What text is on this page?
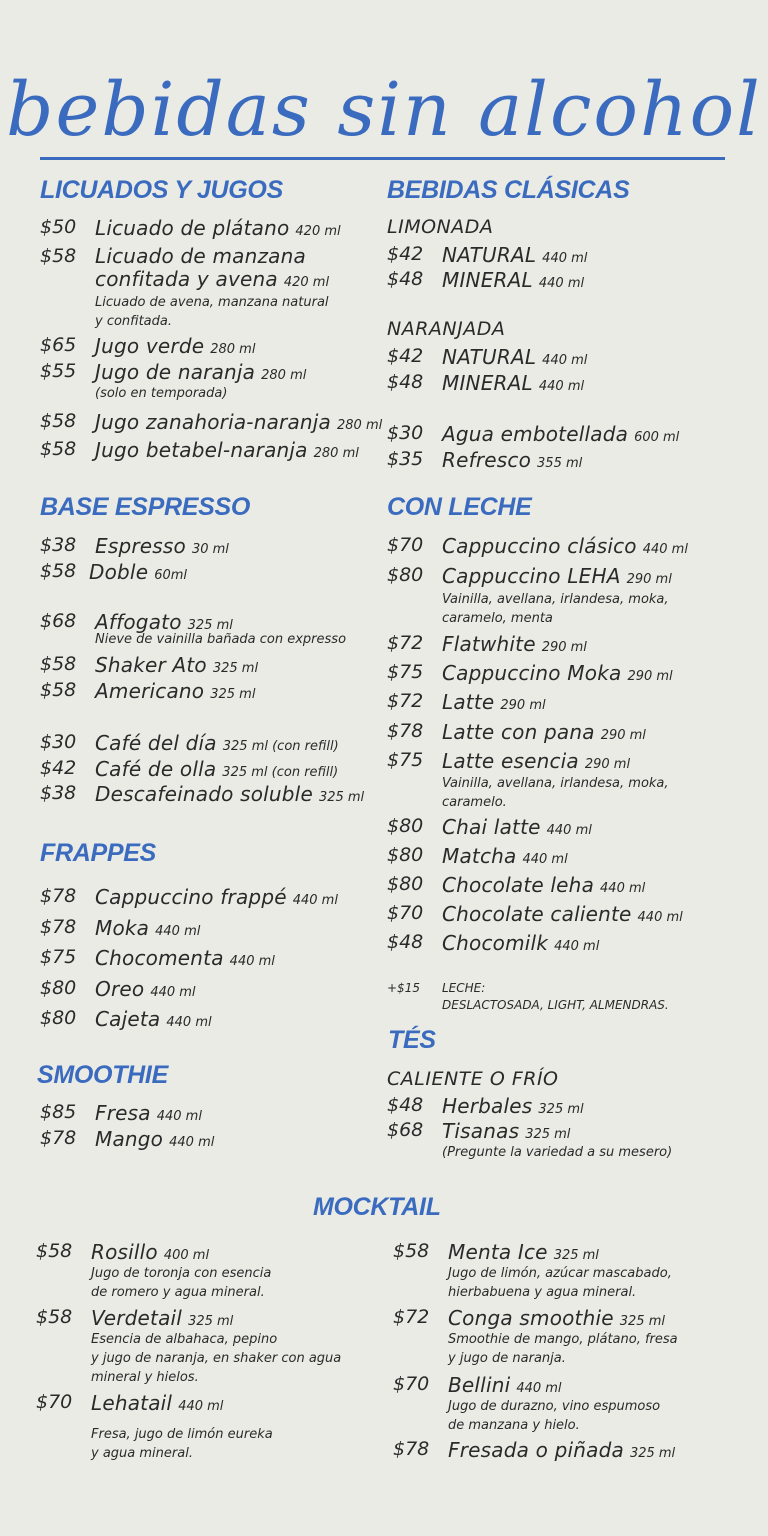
bebidas sin alcohol
LICUADOS Y JUGOS	BEBIDAS CLÁSICAS
BASE ESPRESSO	CON LECHE
FRAPPES
TÉS
SMOOTHIE
MOCKTAIL
LIMONADA
NARANJADA
CALIENTE O FRÍO
+$15 LECHE:
DESLACTOSADA, LIGHT, ALMENDRAS.
$50 Licuado de plátano 420 ml
$58 Licuado de manzana
confitada y avena 420 ml
Licuado de avena, manzana natural
y confitada.
$65 Jugo verde 280 ml
$55 Jugo de naranja 280 ml
(solo en temporada)
$58 Jugo zanahoria-naranja 280 ml
$58 Jugo betabel-naranja 280 ml
$42 NATURAL 440 ml
$48 MINERAL 440 ml
$42 NATURAL 440 ml
$48 MINERAL 440 ml
$30 Agua embotellada 600 ml
$35 Refresco 355 ml
$38 Espresso 30 ml
$58 Doble 60ml
$68 Affogato 325 ml
Nieve de vainilla bañada con expresso
$58 Shaker Ato 325 ml
$58 Americano 325 ml
$30 Café del día 325 ml (con refill)
$42 Café de olla 325 ml (con refill)
$38 Descafeinado soluble 325 ml
$70 Cappuccino clásico 440 ml
$80 Cappuccino LEHA 290 ml
Vainilla, avellana, irlandesa, moka,
caramelo, menta
$72 Flatwhite 290 ml
$75 Cappuccino Moka 290 ml
$72 Latte 290 ml
$78 Latte con pana 290 ml
$75 Latte esencia 290 ml
Vainilla, avellana, irlandesa, moka,
caramelo.
$80 Chai latte 440 ml
$80 Matcha 440 ml
$80 Chocolate leha 440 ml
$70 Chocolate caliente 440 ml
$48 Chocomilk 440 ml
$78 Cappuccino frappé 440 ml
$78 Moka 440 ml
$75 Chocomenta 440 ml
$80 Oreo 440 ml
$80 Cajeta 440 ml
$48 Herbales 325 ml
$68 Tisanas 325 ml
(Pregunte la variedad a su mesero)
$85 Fresa 440 ml
$78 Mango 440 ml
$58 Rosillo 400 ml
Jugo de toronja con esencia
de romero y agua mineral.
$58 Verdetail 325 ml
Esencia de albahaca, pepino
y jugo de naranja, en shaker con agua
mineral y hielos.
$70 Lehatail 440 ml
Fresa, jugo de limón eureka
y agua mineral.
$58 Menta Ice 325 ml
Jugo de limón, azúcar mascabado,
hierbabuena y agua mineral.
$72 Conga smoothie 325 ml
Smoothie de mango, plátano, fresa
y jugo de naranja.
$70 Bellini 440 ml
Jugo de durazno, vino espumoso
de manzana y hielo.
$78 Fresada o piñada 325 ml
